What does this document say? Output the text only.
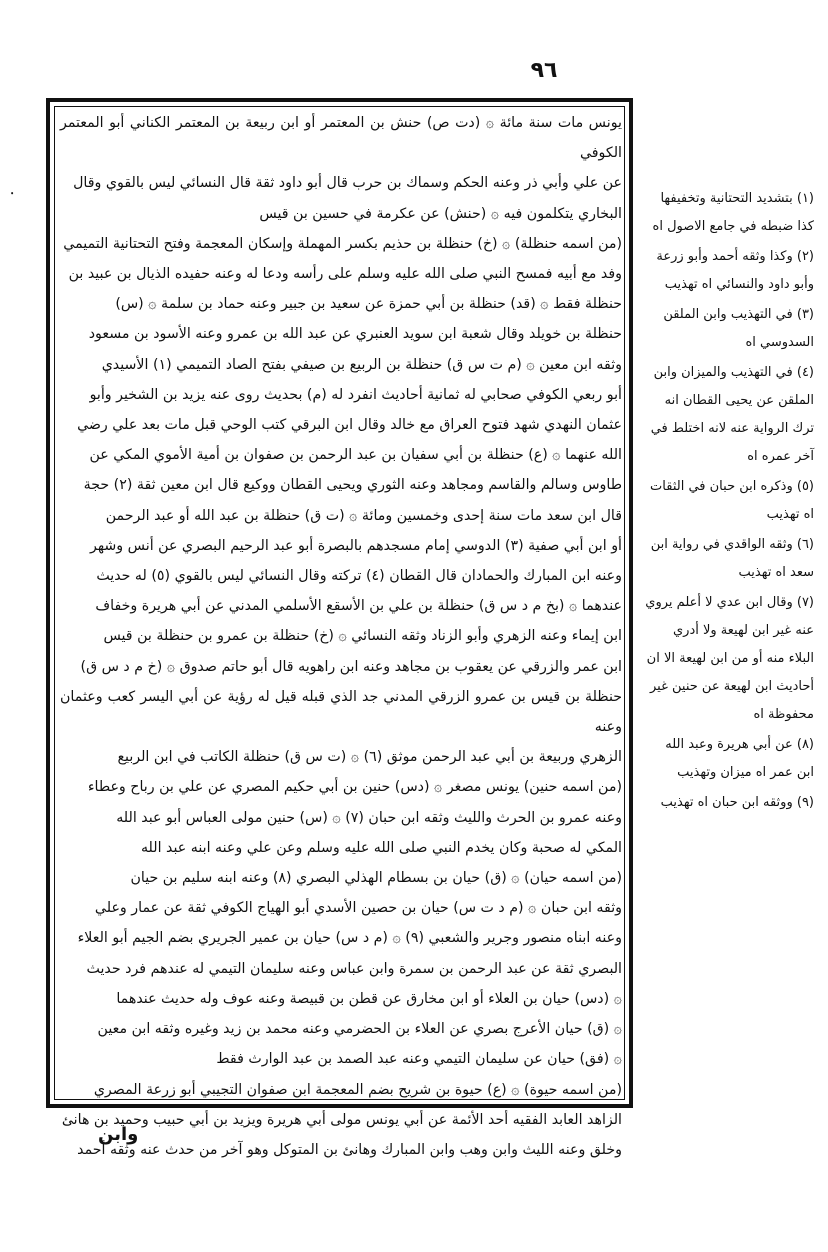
٩٦

يونس مات سنة مائة ۞ (دت ص) حنش بن المعتمر أو ابن ربيعة بن المعتمر الكناني أبو المعتمر الكوفي

عن علي وأبي ذر وعنه الحكم وسماك بن حرب قال أبو داود ثقة قال النسائي ليس بالقوي وقال

البخاري يتكلمون فيه ۞ (حنش) عن عكرمة في حسين بن قيس

(من اسمه حنظلة) ۞ (خ) حنظلة بن حذيم بكسر المهملة وإسكان المعجمة وفتح التحتانية التميمي

وفد مع أبيه فمسح النبي صلى الله عليه وسلم على رأسه ودعا له وعنه حفيده الذيال بن عبيد بن

حنظلة فقط ۞ (قد) حنظلة بن أبي حمزة عن سعيد بن جبير وعنه حماد بن سلمة ۞ (س)

حنظلة بن خويلد وقال شعبة ابن سويد العنبري عن عبد الله بن عمرو وعنه الأسود بن مسعود

وثقه ابن معين ۞ (م ت س ق) حنظلة بن الربيع بن صيفي بفتح الصاد التميمي (١) الأسيدي

أبو ربعي الكوفي صحابي له ثمانية أحاديث انفرد له (م) بحديث روى عنه يزيد بن الشخير وأبو

عثمان النهدي شهد فتوح العراق مع خالد وقال ابن البرقي كتب الوحي قبل مات بعد علي رضي

الله عنهما ۞ (ع) حنظلة بن أبي سفيان بن عبد الرحمن بن صفوان بن أمية الأموي المكي عن

طاوس وسالم والقاسم ومجاهد وعنه الثوري ويحيى القطان ووكيع قال ابن معين ثقة (٢) حجة

قال ابن سعد مات سنة إحدى وخمسين ومائة ۞ (ت ق) حنظلة بن عبد الله أو عبد الرحمن

أو ابن أبي صفية (٣) الدوسي إمام مسجدهم بالبصرة أبو عبد الرحيم البصري عن أنس وشهر

وعنه ابن المبارك والحمادان قال القطان (٤) تركته وقال النسائي ليس بالقوي (٥) له حديث

عندهما ۞ (بخ م د س ق) حنظلة بن علي بن الأسقع الأسلمي المدني عن أبي هريرة وخفاف

ابن إيماء وعنه الزهري وأبو الزناد وثقه النسائي ۞ (خ) حنظلة بن عمرو بن حنظلة بن قيس

ابن عمر والزرقي عن يعقوب بن مجاهد وعنه ابن راهويه قال أبو حاتم صدوق ۞ (خ م د س ق)

حنظلة بن قيس بن عمرو الزرقي المدني جد الذي قبله قيل له رؤية عن أبي اليسر كعب وعثمان وعنه

الزهري وربيعة بن أبي عبد الرحمن موثق (٦) ۞ (ت س ق) حنظلة الكاتب في ابن الربيع

(من اسمه حنين) يونس مصغر ۞ (دس) حنين بن أبي حكيم المصري عن علي بن رباح وعطاء

وعنه عمرو بن الحرث والليث وثقه ابن حبان (٧) ۞ (س) حنين مولى العباس أبو عبد الله

المكي له صحبة وكان يخدم النبي صلى الله عليه وسلم وعن علي وعنه ابنه عبد الله

(من اسمه حيان) ۞ (ق) حيان بن بسطام الهذلي البصري (٨) وعنه ابنه سليم بن حيان

وثقه ابن حبان ۞ (م د ت س) حيان بن حصين الأسدي أبو الهياج الكوفي ثقة عن عمار وعلي

وعنه ابناه منصور وجرير والشعبي (٩) ۞ (م د س) حيان بن عمير الجريري بضم الجيم أبو العلاء

البصري ثقة عن عبد الرحمن بن سمرة وابن عباس وعنه سليمان التيمي له عندهم فرد حديث

۞ (دس) حيان بن العلاء أو ابن مخارق عن قطن بن قبيصة وعنه عوف وله حديث عندهما

۞ (ق) حيان الأعرج بصري عن العلاء بن الحضرمي وعنه محمد بن زيد وغيره وثقه ابن معين

۞ (فق) حيان عن سليمان التيمي وعنه عبد الصمد بن عبد الوارث فقط

(من اسمه حيوة) ۞ (ع) حيوة بن شريح بضم المعجمة ابن صفوان التجيبي أبو زرعة المصري

الزاهد العابد الفقيه أحد الأئمة عن أبي يونس مولى أبي هريرة ويزيد بن أبي حبيب وحميد بن هانئ

وخلق وعنه الليث وابن وهب وابن المبارك وهانئ بن المتوكل وهو آخر من حدث عنه وثقه أحمد

(١) بتشديد التحتانية وتخفيفها كذا ضبطه في جامع الاصول اه

(٢) وكذا وثقه أحمد وأبو زرعة وأبو داود والنسائي اه تهذيب

(٣) في التهذيب وابن الملقن السدوسي اه

(٤) في التهذيب والميزان وابن الملقن عن يحيى القطان انه ترك الرواية عنه لانه اختلط في آخر عمره اه

(٥) وذكره ابن حبان في الثقات اه تهذيب

(٦) وثقه الواقدي في رواية ابن سعد اه تهذيب

(٧) وقال ابن عدي لا أعلم يروي عنه غير ابن لهيعة ولا أدري البلاء منه أو من ابن لهيعة الا ان أحاديث ابن لهيعة عن حنين غير محفوظة اه

(٨) عن أبي هريرة وعبد الله ابن عمر اه ميزان وتهذيب

(٩) ووثقه ابن حبان اه تهذيب

وابن
⸱
